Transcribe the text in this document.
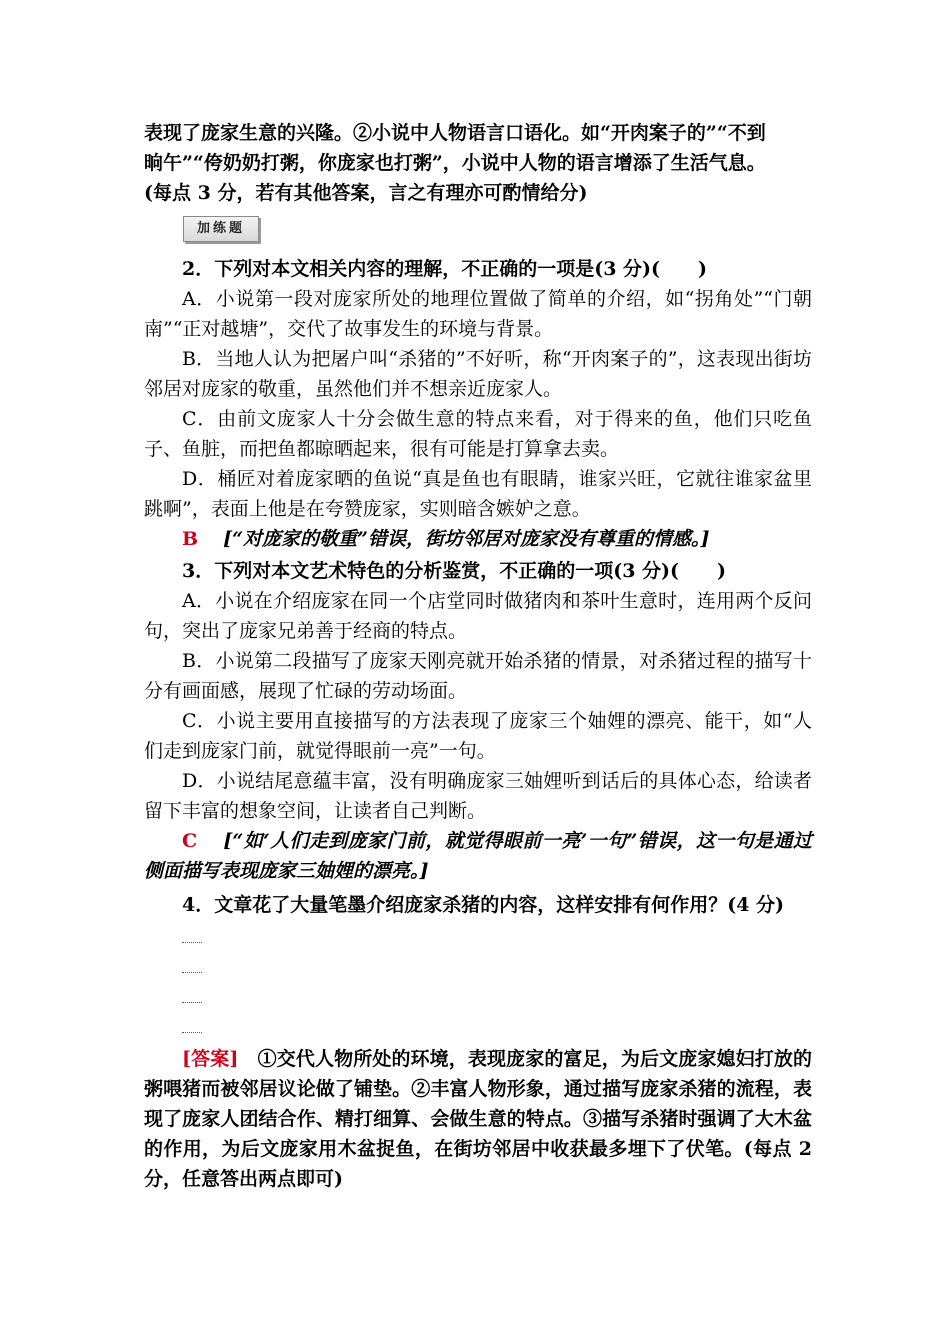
表现了庞家生意的兴隆。②小说中人物语言口语化。如“开肉案子的”“不到
晌午”“侉奶奶打粥，你庞家也打粥”，小说中人物的语言增添了生活气息。
(每点 3 分，若有其他答案，言之有理亦可酌情给分)
加练题
2．下列对本文相关内容的理解，不正确的一项是(3 分)(　　)
A．小说第一段对庞家所处的地理位置做了简单的介绍，如“拐角处”“门朝南”“正对越塘”，交代了故事发生的环境与背景。
B．当地人认为把屠户叫“杀猪的”不好听，称“开肉案子的”，这表现出街坊邻居对庞家的敬重，虽然他们并不想亲近庞家人。
C．由前文庞家人十分会做生意的特点来看，对于得来的鱼，他们只吃鱼子、鱼脏，而把鱼都晾晒起来，很有可能是打算拿去卖。
D．桶匠对着庞家晒的鱼说“真是鱼也有眼睛，谁家兴旺，它就往谁家盆里跳啊”，表面上他是在夸赞庞家，实则暗含嫉妒之意。
B　 [“对庞家的敬重”错误，街坊邻居对庞家没有尊重的情感。]
3．下列对本文艺术特色的分析鉴赏，不正确的一项(3 分)(　　)
A．小说在介绍庞家在同一个店堂同时做猪肉和茶叶生意时，连用两个反问句，突出了庞家兄弟善于经商的特点。
B．小说第二段描写了庞家天刚亮就开始杀猪的情景，对杀猪过程的描写十分有画面感，展现了忙碌的劳动场面。
C．小说主要用直接描写的方法表现了庞家三个妯娌的漂亮、能干，如“人们走到庞家门前，就觉得眼前一亮”一句。
D．小说结尾意蕴丰富，没有明确庞家三妯娌听到话后的具体心态，给读者留下丰富的想象空间，让读者自己判断。
C　 [“如‘人们走到庞家门前，就觉得眼前一亮’一句”错误，这一句是通过侧面描写表现庞家三妯娌的漂亮。]
4．文章花了大量笔墨介绍庞家杀猪的内容，这样安排有何作用？(4 分)
[答案]　 ①交代人物所处的环境，表现庞家的富足，为后文庞家媳妇打放的粥喂猪而被邻居议论做了铺垫。②丰富人物形象，通过描写庞家杀猪的流程，表现了庞家人团结合作、精打细算、会做生意的特点。③描写杀猪时强调了大木盆的作用，为后文庞家用木盆捉鱼，在街坊邻居中收获最多埋下了伏笔。(每点 2 分，任意答出两点即可)
